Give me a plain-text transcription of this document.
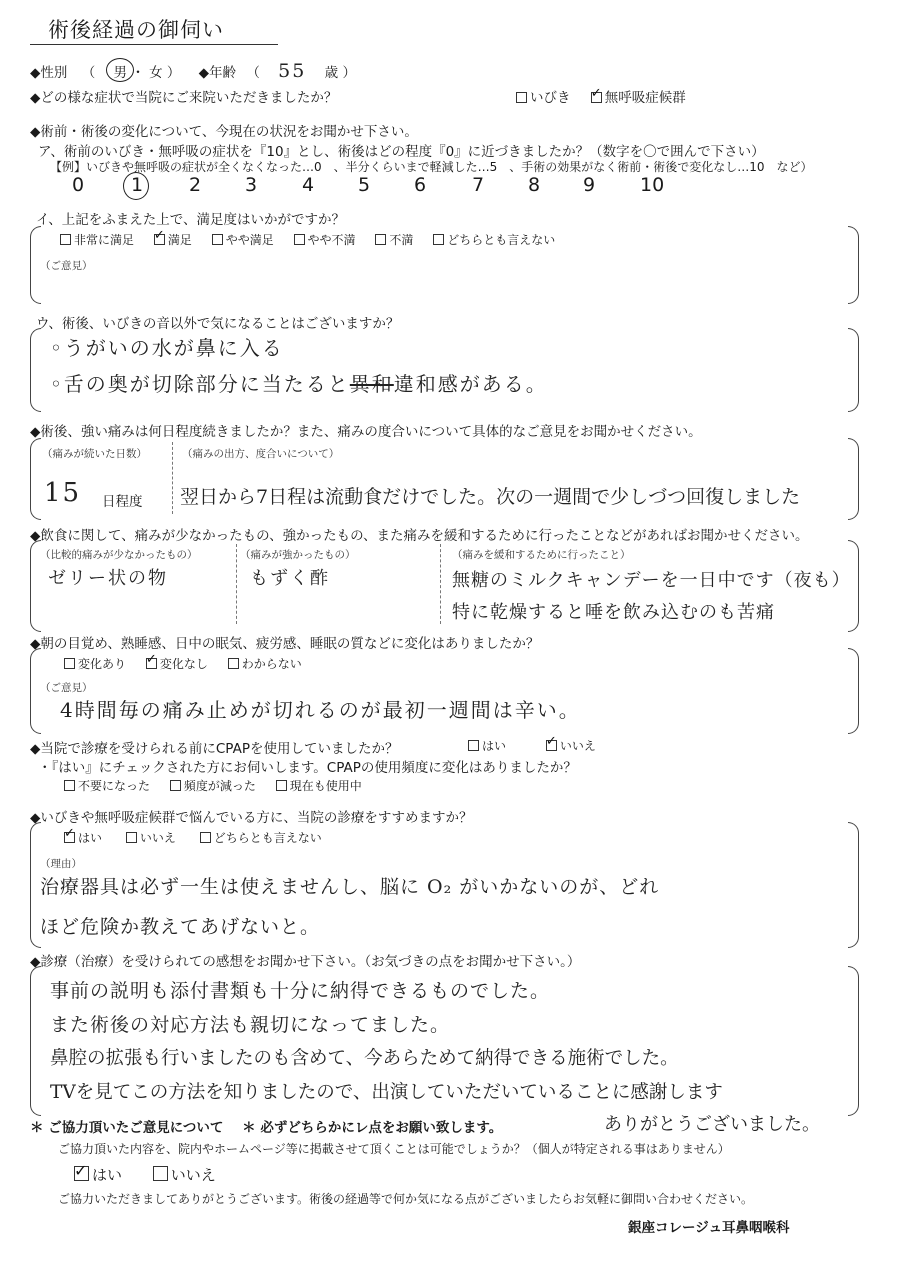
術後経過の御伺い
◆性別 （ 男
・ 女 ） ◆年齢 （ 55 歳 ）
◆どの様な症状で当院にご来院いただきましたか？	いびき ✓	無呼吸症候群
◆術前・術後の変化について、今現在の状況をお聞かせ下さい。
ア、術前のいびき・無呼吸の症状を『10』とし、術後はどの程度『0』に近づきましたか？（数字を〇で囲んで下さい）
【例】いびきや無呼吸の症状が全くなくなった…0　、半分くらいまで軽減した…5　、手術の効果がなく術前・術後で変化なし…10　など）
0 1 2 3 4 5 6 7 8 9 10
イ、上記をふまえた上で、満足度はいかがですか？
非常に満足 ✓	満足	やや満足	やや不満	不満	どちらとも言えない
（ご意見）
ウ、術後、いびきの音以外で気になることはございますか？
◦うがいの水が鼻に入る
◦舌の奥が切除部分に当たると異和違和感がある。
◆術後、強い痛みは何日程度続きましたか？また、痛みの度合いについて具体的なご意見をお聞かせください。
（痛みが続いた日数）
15 日程度
（痛みの出方、度合いについて）
翌日から7日程は流動食だけでした。次の一週間で少しづつ回復しました
◆飲食に関して、痛みが少なかったもの、強かったもの、また痛みを緩和するために行ったことなどがあればお聞かせください。
（比較的痛みが少なかったもの）
ゼリー状の物
（痛みが強かったもの）
もずく酢
（痛みを緩和するために行ったこと）
無糖のミルクキャンデーを一日中です（夜も）
特に乾燥すると唾を飲み込むのも苦痛
◆朝の目覚め、熟睡感、日中の眠気、疲労感、睡眠の質などに変化はありましたか？
変化あり ✓	変化なし	わからない
（ご意見）
4時間毎の痛み止めが切れるのが最初一週間は辛い。
◆当院で診療を受けられる前にCPAPを使用していましたか？	はい ✓	いいえ
・『はい』にチェックされた方にお伺いします。CPAPの使用頻度に変化はありましたか？
不要になった	頻度が減った	現在も使用中
◆いびきや無呼吸症候群で悩んでいる方に、当院の診療をすすめますか？
✓はい	いいえ	どちらとも言えない
（理由）
治療器具は必ず一生は使えませんし、脳に O₂ がいかないのが、どれ
ほど危険か教えてあげないと。
◆診療（治療）を受けられての感想をお聞かせ下さい。（お気づきの点をお聞かせ下さい。）
事前の説明も添付書類も十分に納得できるものでした。
また術後の対応方法も親切になってました。
鼻腔の拡張も行いましたのも含めて、今あらためて納得できる施術でした。
TVを見てこの方法を知りましたので、出演していただいていることに感謝します
ありがとうございました。
＊ ご協力頂いたご意見について ＊ 必ずどちらかにレ点をお願い致します。
ご協力頂いた内容を、院内やホームページ等に掲載させて頂くことは可能でしょうか？（個人が特定される事はありません）
✓はい	いいえ
ご協力いただきましてありがとうございます。術後の経過等で何か気になる点がございましたらお気軽に御問い合わせください。
銀座コレージュ耳鼻咽喉科
